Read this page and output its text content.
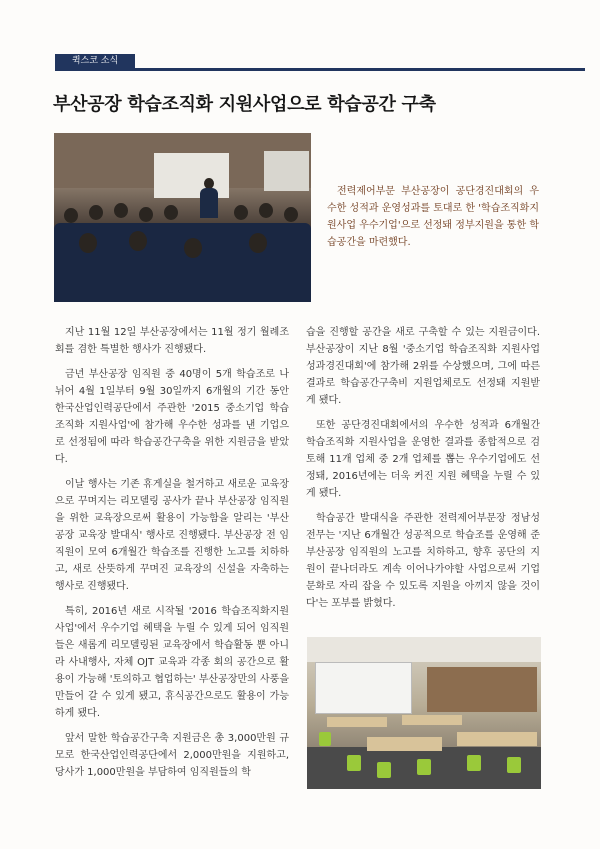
퀵스코 소식
부산공장 학습조직화 지원사업으로 학습공간 구축
전력제어부문 부산공장이 공단경진대회의 우수한 성적과 운영성과를 토대로 한 '학습조직화지원사업 우수기업'으로 선정돼 정부지원을 통한 학습공간을 마련했다.

지난 11월 12일 부산공장에서는 11월 정기 월례조회를 겸한 특별한 행사가 진행됐다.

금년 부산공장 임직원 중 40명이 5개 학습조로 나뉘어 4월 1일부터 9월 30일까지 6개월의 기간 동안 한국산업인력공단에서 주관한 '2015 중소기업 학습조직화 지원사업'에 참가해 우수한 성과를 낸 기업으로 선정됨에 따라 학습공간구축을 위한 지원금을 받았다.

이날 행사는 기존 휴게실을 철거하고 새로운 교육장으로 꾸며지는 리모델링 공사가 끝나 부산공장 임직원을 위한 교육장으로써 활용이 가능함을 알리는 '부산공장 교육장 발대식' 행사로 진행됐다. 부산공장 전 임직원이 모여 6개월간 학습조를 진행한 노고를 치하하고, 새로 산뜻하게 꾸며진 교육장의 신설을 자축하는 행사로 진행됐다.

특히, 2016년 새로 시작될 '2016 학습조직화지원사업'에서 우수기업 혜택을 누릴 수 있게 되어 임직원들은 새롭게 리모델링된 교육장에서 학습활동 뿐 아니라 사내행사, 자체 OJT 교육과 각종 회의 공간으로 활용이 가능해 '토의하고 협업하는' 부산공장만의 사풍을 만들어 갈 수 있게 됐고, 휴식공간으로도 활용이 가능하게 됐다.

앞서 말한 학습공간구축 지원금은 총 3,000만원 규모로 한국산업인력공단에서 2,000만원을 지원하고, 당사가 1,000만원을 부담하여 임직원들의 학

습을 진행할 공간을 새로 구축할 수 있는 지원금이다. 부산공장이 지난 8월 '중소기업 학습조직화 지원사업 성과경진대회'에 참가해 2위를 수상했으며, 그에 따른 결과로 학습공간구축비 지원업체로도 선정돼 지원받게 됐다.

또한 공단경진대회에서의 우수한 성적과 6개월간 학습조직화 지원사업을 운영한 결과를 종합적으로 검토해 11개 업체 중 2개 업체를 뽑는 우수기업에도 선정돼, 2016년에는 더욱 커진 지원 혜택을 누릴 수 있게 됐다.

학습공간 발대식을 주관한 전력제어부문장 정남성 전무는 '지난 6개월간 성공적으로 학습조를 운영해 준 부산공장 임직원의 노고를 치하하고, 향후 공단의 지원이 끝나더라도 계속 이어나가야할 사업으로써 기업 문화로 자리 잡을 수 있도록 지원을 아끼지 않을 것이다'는 포부를 밝혔다.
